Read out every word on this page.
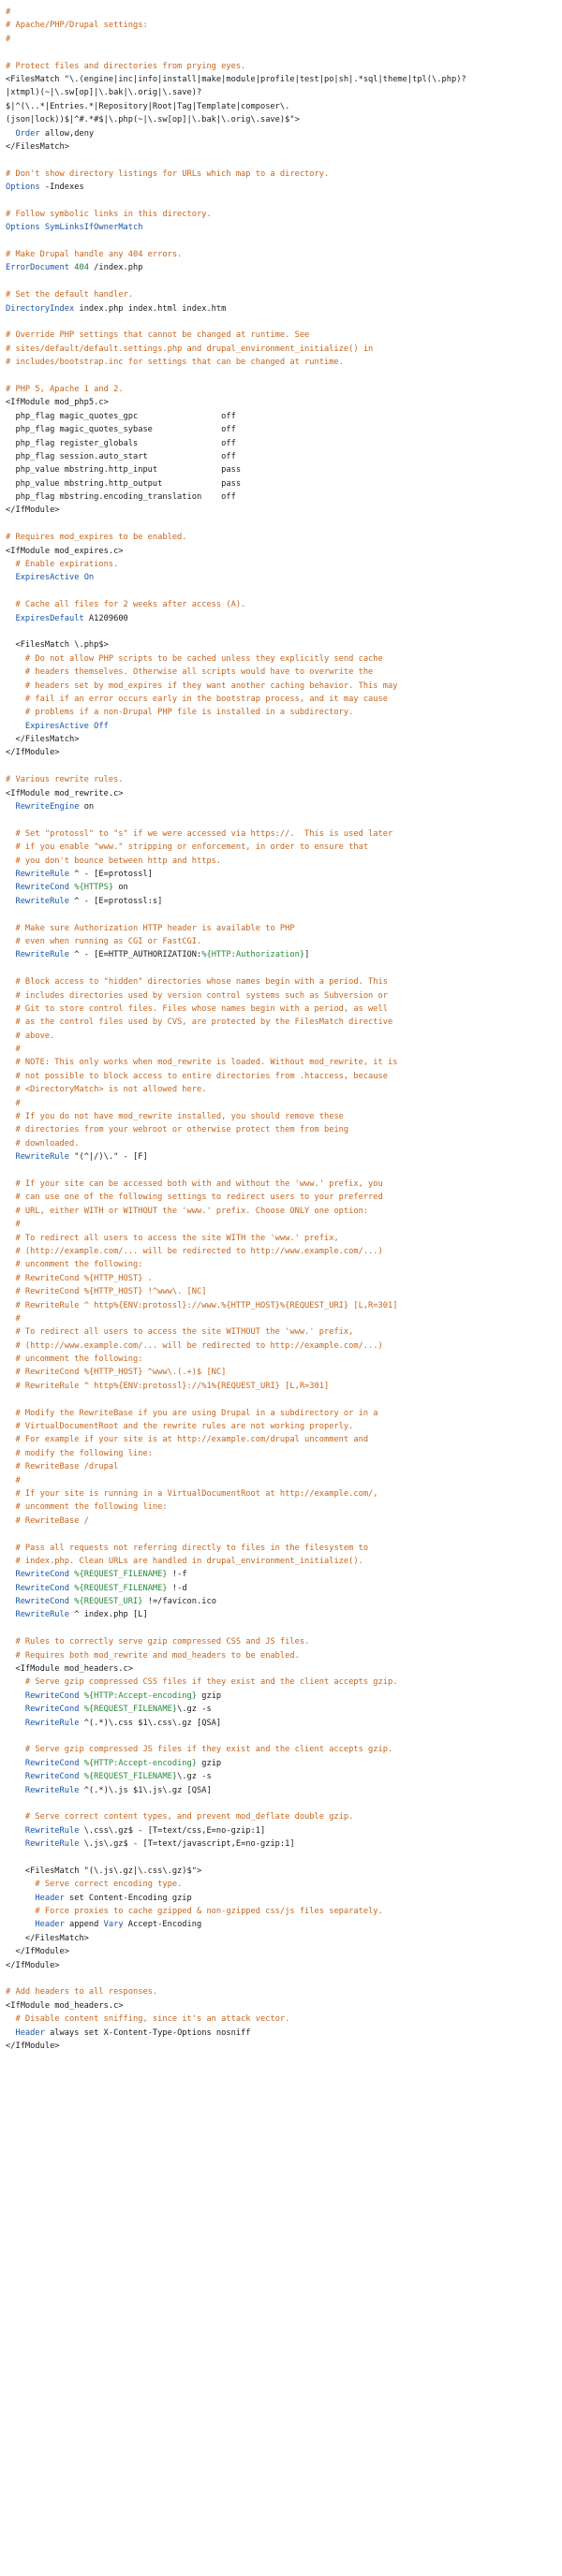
#
# Apache/PHP/Drupal settings:
#

# Protect files and directories from prying eyes.
<FilesMatch "\.(engine|inc|info|install|make|module|profile|test|po|sh|.*sql|theme|tpl(\.php)?
|xtmpl)(~|\.sw[op]|\.bak|\.orig|\.save)?
$|^(\..*|Entries.*|Repository|Root|Tag|Template|composer\.
(json|lock))$|^#.*#$|\.php(~|\.sw[op]|\.bak|\.orig\.save)$">
Order allow,deny
</FilesMatch>

# Don't show directory listings for URLs which map to a directory.
Options -Indexes

# Follow symbolic links in this directory.
Options SymLinksIfOwnerMatch

# Make Drupal handle any 404 errors.
ErrorDocument 404 /index.php

# Set the default handler.
DirectoryIndex index.php index.html index.htm

# Override PHP settings that cannot be changed at runtime. See
# sites/default/default.settings.php and drupal_environment_initialize() in
# includes/bootstrap.inc for settings that can be changed at runtime.

# PHP 5, Apache 1 and 2.
<IfModule mod_php5.c>
php_flag magic_quotes_gpc                 off
php_flag magic_quotes_sybase              off
php_flag register_globals                 off
php_flag session.auto_start               off
php_value mbstring.http_input             pass
php_value mbstring.http_output            pass
php_flag mbstring.encoding_translation    off
</IfModule>

# Requires mod_expires to be enabled.
<IfModule mod_expires.c>
# Enable expirations.
ExpiresActive On

# Cache all files for 2 weeks after access (A).
ExpiresDefault A1209600

<FilesMatch \.php$>
# Do not allow PHP scripts to be cached unless they explicitly send cache
# headers themselves. Otherwise all scripts would have to overwrite the
# headers set by mod_expires if they want another caching behavior. This may
# fail if an error occurs early in the bootstrap process, and it may cause
# problems if a non-Drupal PHP file is installed in a subdirectory.
ExpiresActive Off
</FilesMatch>
</IfModule>

# Various rewrite rules.
<IfModule mod_rewrite.c>
RewriteEngine on

# Set "protossl" to "s" if we were accessed via https://.  This is used later
# if you enable "www." stripping or enforcement, in order to ensure that
# you don't bounce between http and https.
RewriteRule ^ - [E=protossl]
RewriteCond %{HTTPS} on
RewriteRule ^ - [E=protossl:s]

# Make sure Authorization HTTP header is available to PHP
# even when running as CGI or FastCGI.
RewriteRule ^ - [E=HTTP_AUTHORIZATION:%{HTTP:Authorization}]

# Block access to "hidden" directories whose names begin with a period. This
# includes directories used by version control systems such as Subversion or
# Git to store control files. Files whose names begin with a period, as well
# as the control files used by CVS, are protected by the FilesMatch directive
# above.
#
# NOTE: This only works when mod_rewrite is loaded. Without mod_rewrite, it is
# not possible to block access to entire directories from .htaccess, because
# <DirectoryMatch> is not allowed here.
#
# If you do not have mod_rewrite installed, you should remove these
# directories from your webroot or otherwise protect them from being
# downloaded.
RewriteRule "(^|/)\." - [F]

# If your site can be accessed both with and without the 'www.' prefix, you
# can use one of the following settings to redirect users to your preferred
# URL, either WITH or WITHOUT the 'www.' prefix. Choose ONLY one option:
#
# To redirect all users to access the site WITH the 'www.' prefix,
# (http://example.com/... will be redirected to http://www.example.com/...)
# uncomment the following:
# RewriteCond %{HTTP_HOST} .
# RewriteCond %{HTTP_HOST} !^www\. [NC]
# RewriteRule ^ http%{ENV:protossl}://www.%{HTTP_HOST}%{REQUEST_URI} [L,R=301]
#
# To redirect all users to access the site WITHOUT the 'www.' prefix,
# (http://www.example.com/... will be redirected to http://example.com/...)
# uncomment the following:
# RewriteCond %{HTTP_HOST} ^www\.(.+)$ [NC]
# RewriteRule ^ http%{ENV:protossl}://%1%{REQUEST_URI} [L,R=301]

# Modify the RewriteBase if you are using Drupal in a subdirectory or in a
# VirtualDocumentRoot and the rewrite rules are not working properly.
# For example if your site is at http://example.com/drupal uncomment and
# modify the following line:
# RewriteBase /drupal
#
# If your site is running in a VirtualDocumentRoot at http://example.com/,
# uncomment the following line:
# RewriteBase /

# Pass all requests not referring directly to files in the filesystem to
# index.php. Clean URLs are handled in drupal_environment_initialize().
RewriteCond %{REQUEST_FILENAME} !-f
RewriteCond %{REQUEST_FILENAME} !-d
RewriteCond %{REQUEST_URI} !=/favicon.ico
RewriteRule ^ index.php [L]

# Rules to correctly serve gzip compressed CSS and JS files.
# Requires both mod_rewrite and mod_headers to be enabled.
<IfModule mod_headers.c>
# Serve gzip compressed CSS files if they exist and the client accepts gzip.
RewriteCond %{HTTP:Accept-encoding} gzip
RewriteCond %{REQUEST_FILENAME}\.gz -s
RewriteRule ^(.*)\.css $1\.css\.gz [QSA]

# Serve gzip compressed JS files if they exist and the client accepts gzip.
RewriteCond %{HTTP:Accept-encoding} gzip
RewriteCond %{REQUEST_FILENAME}\.gz -s
RewriteRule ^(.*)\.js $1\.js\.gz [QSA]

# Serve correct content types, and prevent mod_deflate double gzip.
RewriteRule \.css\.gz$ - [T=text/css,E=no-gzip:1]
RewriteRule \.js\.gz$ - [T=text/javascript,E=no-gzip:1]

<FilesMatch "(\.js\.gz|\.css\.gz)$">
# Serve correct encoding type.
Header set Content-Encoding gzip
# Force proxies to cache gzipped & non-gzipped css/js files separately.
Header append Vary Accept-Encoding
</FilesMatch>
</IfModule>
</IfModule>

# Add headers to all responses.
<IfModule mod_headers.c>
# Disable content sniffing, since it's an attack vector.
Header always set X-Content-Type-Options nosniff
</IfModule>
